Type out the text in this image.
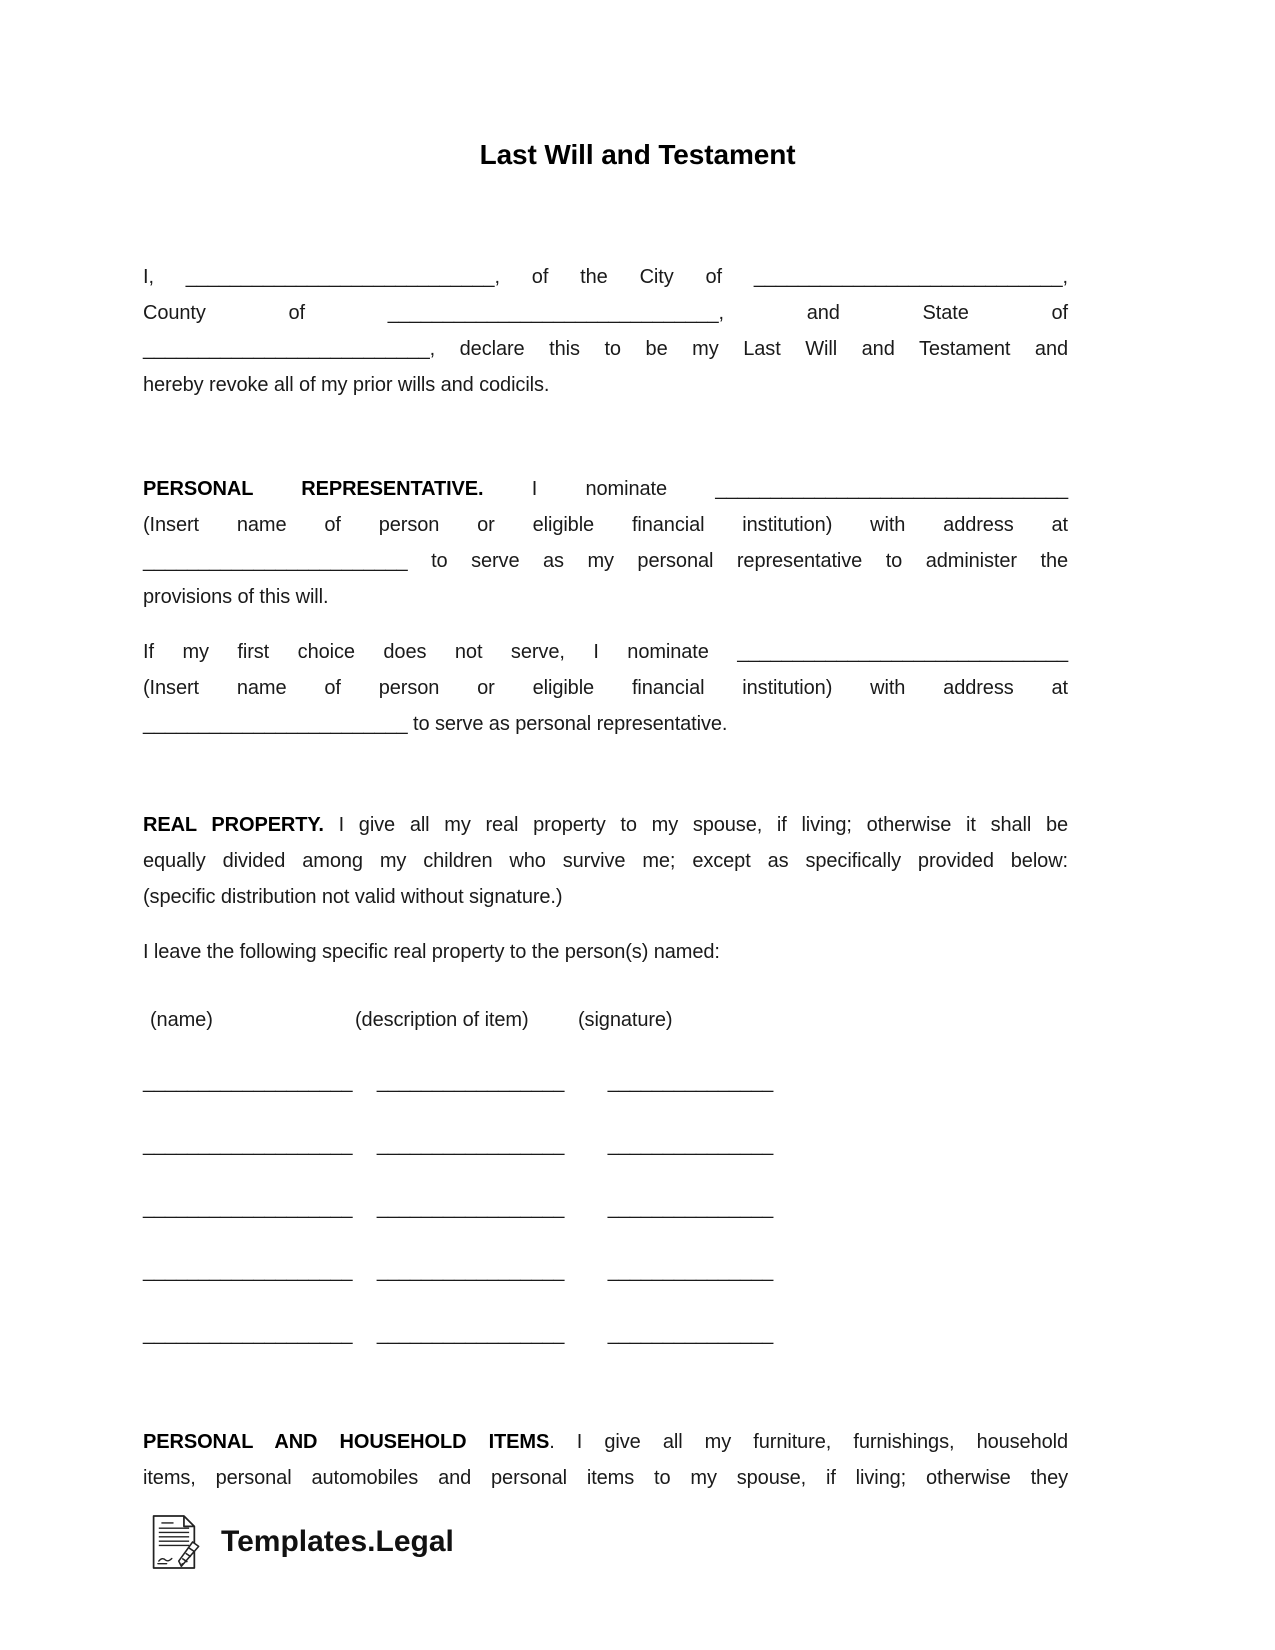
Last Will and Testament
I, ____________________________, of the City of ____________________________,
County of ______________________________, and State of
__________________________, declare this to be my Last Will and Testament and
hereby revoke all of my prior wills and codicils.
PERSONAL REPRESENTATIVE. I nominate ________________________________
(Insert name of person or eligible financial institution) with address at
________________________ to serve as my personal representative to administer the
provisions of this will.
If my first choice does not serve, I nominate ______________________________
(Insert name of person or eligible financial institution) with address at
________________________ to serve as personal representative.
REAL PROPERTY. I give all my real property to my spouse, if living; otherwise it shall be
equally divided among my children who survive me; except as specifically provided below:
(specific distribution not valid without signature.)
I leave the following specific real property to the person(s) named:
(name)	(description of item)	(signature)
___________________ _________________ _______________
___________________ _________________ _______________
___________________ _________________ _______________
___________________ _________________ _______________
___________________ _________________ _______________
PERSONAL AND HOUSEHOLD ITEMS. I give all my furniture, furnishings, household
items, personal automobiles and personal items to my spouse, if living; otherwise they
Templates.Legal
